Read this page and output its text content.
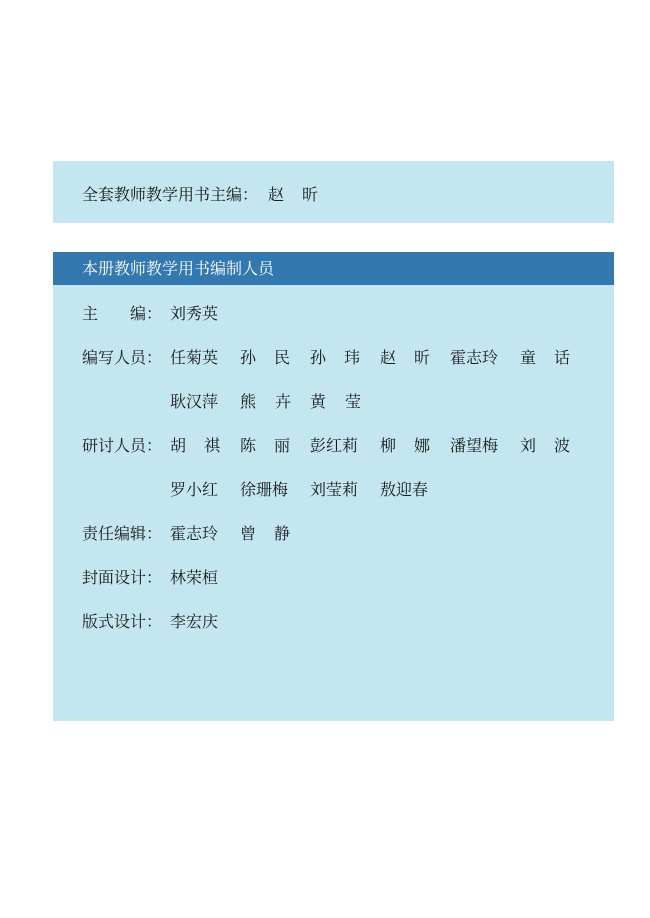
全套教师教学用书主编： 赵昕
本册教师教学用书编制人员
主　　编： 刘秀英
编写人员： 任菊英 孙民 孙玮 赵昕 霍志玲 童话
耿汉萍 熊 卉 黄 莹
研讨人员： 胡祺 陈丽 彭红莉 柳娜 潘望梅 刘波
罗小红 徐珊梅 刘莹莉 敖迎春
责任编辑： 霍志玲 曾静
封面设计： 林荣桓
版式设计： 李宏庆
